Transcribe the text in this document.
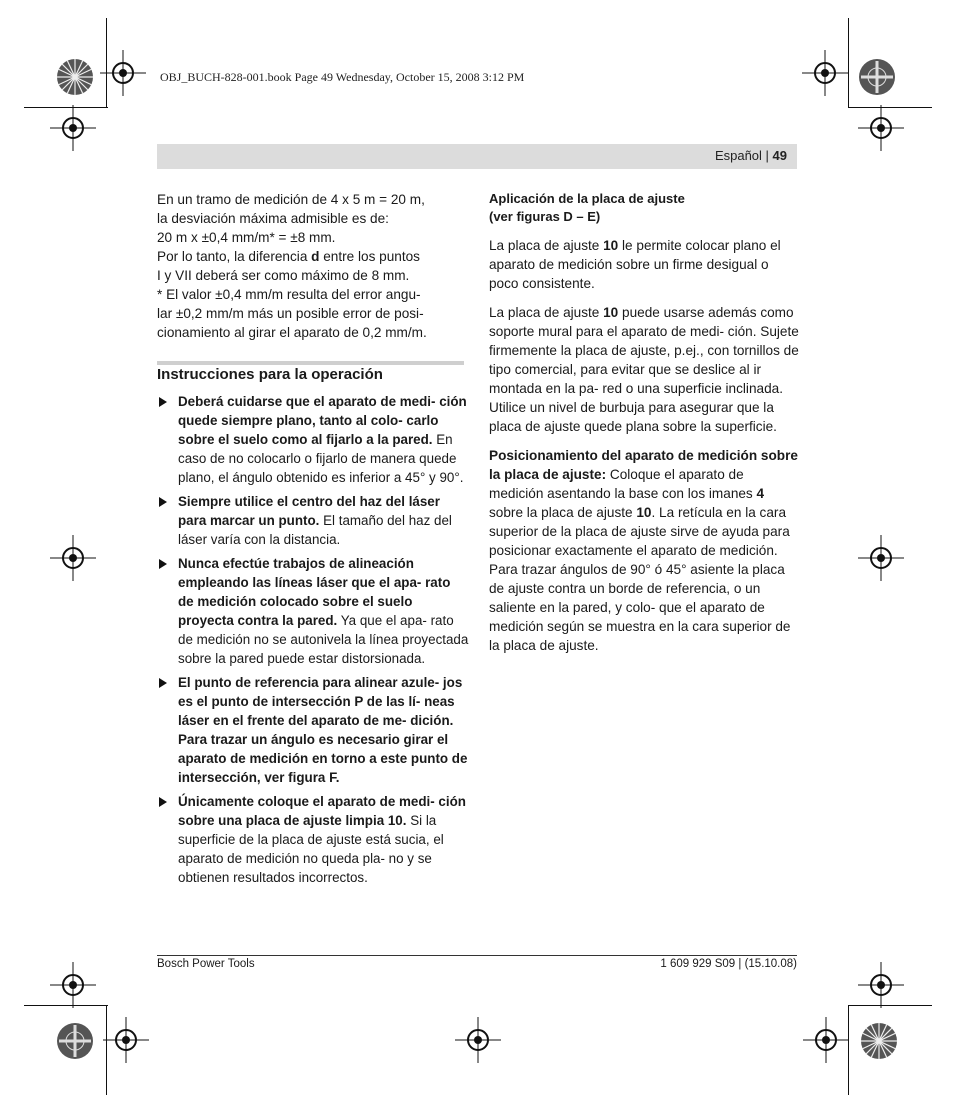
OBJ_BUCH-828-001.book Page 49 Wednesday, October 15, 2008 3:12 PM
Español | 49

En un tramo de medición de 4 x 5 m = 20 m,

la desviación máxima admisible es de:

20 m x ±0,4 mm/m* = ±8 mm.

Por lo tanto, la diferencia d entre los puntos

I y VII deberá ser como máximo de 8 mm.

* El valor ±0,4 mm/m resulta del error angu-

lar ±0,2 mm/m más un posible error de posi-

cionamiento al girar el aparato de 0,2 mm/m.

Instrucciones para la operación
Deberá cuidarse que el aparato de medi- ción quede siempre plano, tanto al colo- carlo sobre el suelo como al fijarlo a la pared. En caso de no colocarlo o fijarlo de manera quede plano, el ángulo obtenido es inferior a 45° y 90°.
Siempre utilice el centro del haz del láser para marcar un punto. El tamaño del haz del láser varía con la distancia.
Nunca efectúe trabajos de alineación empleando las líneas láser que el apa- rato de medición colocado sobre el suelo proyecta contra la pared. Ya que el apa- rato de medición no se autonivela la línea proyectada sobre la pared puede estar distorsionada.
El punto de referencia para alinear azule- jos es el punto de intersección P de las lí- neas láser en el frente del aparato de me- dición. Para trazar un ángulo es necesario girar el aparato de medición en torno a este punto de intersección, ver figura F.
Únicamente coloque el aparato de medi- ción sobre una placa de ajuste limpia 10. Si la superficie de la placa de ajuste está sucia, el aparato de medición no queda pla- no y se obtienen resultados incorrectos.
Aplicación de la placa de ajuste
(ver figuras D – E)

La placa de ajuste 10 le permite colocar plano el aparato de medición sobre un firme desigual o poco consistente.

La placa de ajuste 10 puede usarse además como soporte mural para el aparato de medi- ción. Sujete firmemente la placa de ajuste, p.ej., con tornillos de tipo comercial, para evitar que se deslice al ir montada en la pa- red o una superficie inclinada. Utilice un nivel de burbuja para asegurar que la placa de ajuste quede plana sobre la superficie.

Posicionamiento del aparato de medición sobre la placa de ajuste: Coloque el aparato de medición asentando la base con los imanes 4 sobre la placa de ajuste 10. La retícula en la cara superior de la placa de ajuste sirve de ayuda para posicionar exactamente el aparato de medición. Para trazar ángulos de 90° ó 45° asiente la placa de ajuste contra un borde de referencia, o un saliente en la pared, y colo- que el aparato de medición según se muestra en la cara superior de la placa de ajuste.

Bosch Power Tools	1 609 929 S09 | (15.10.08)
